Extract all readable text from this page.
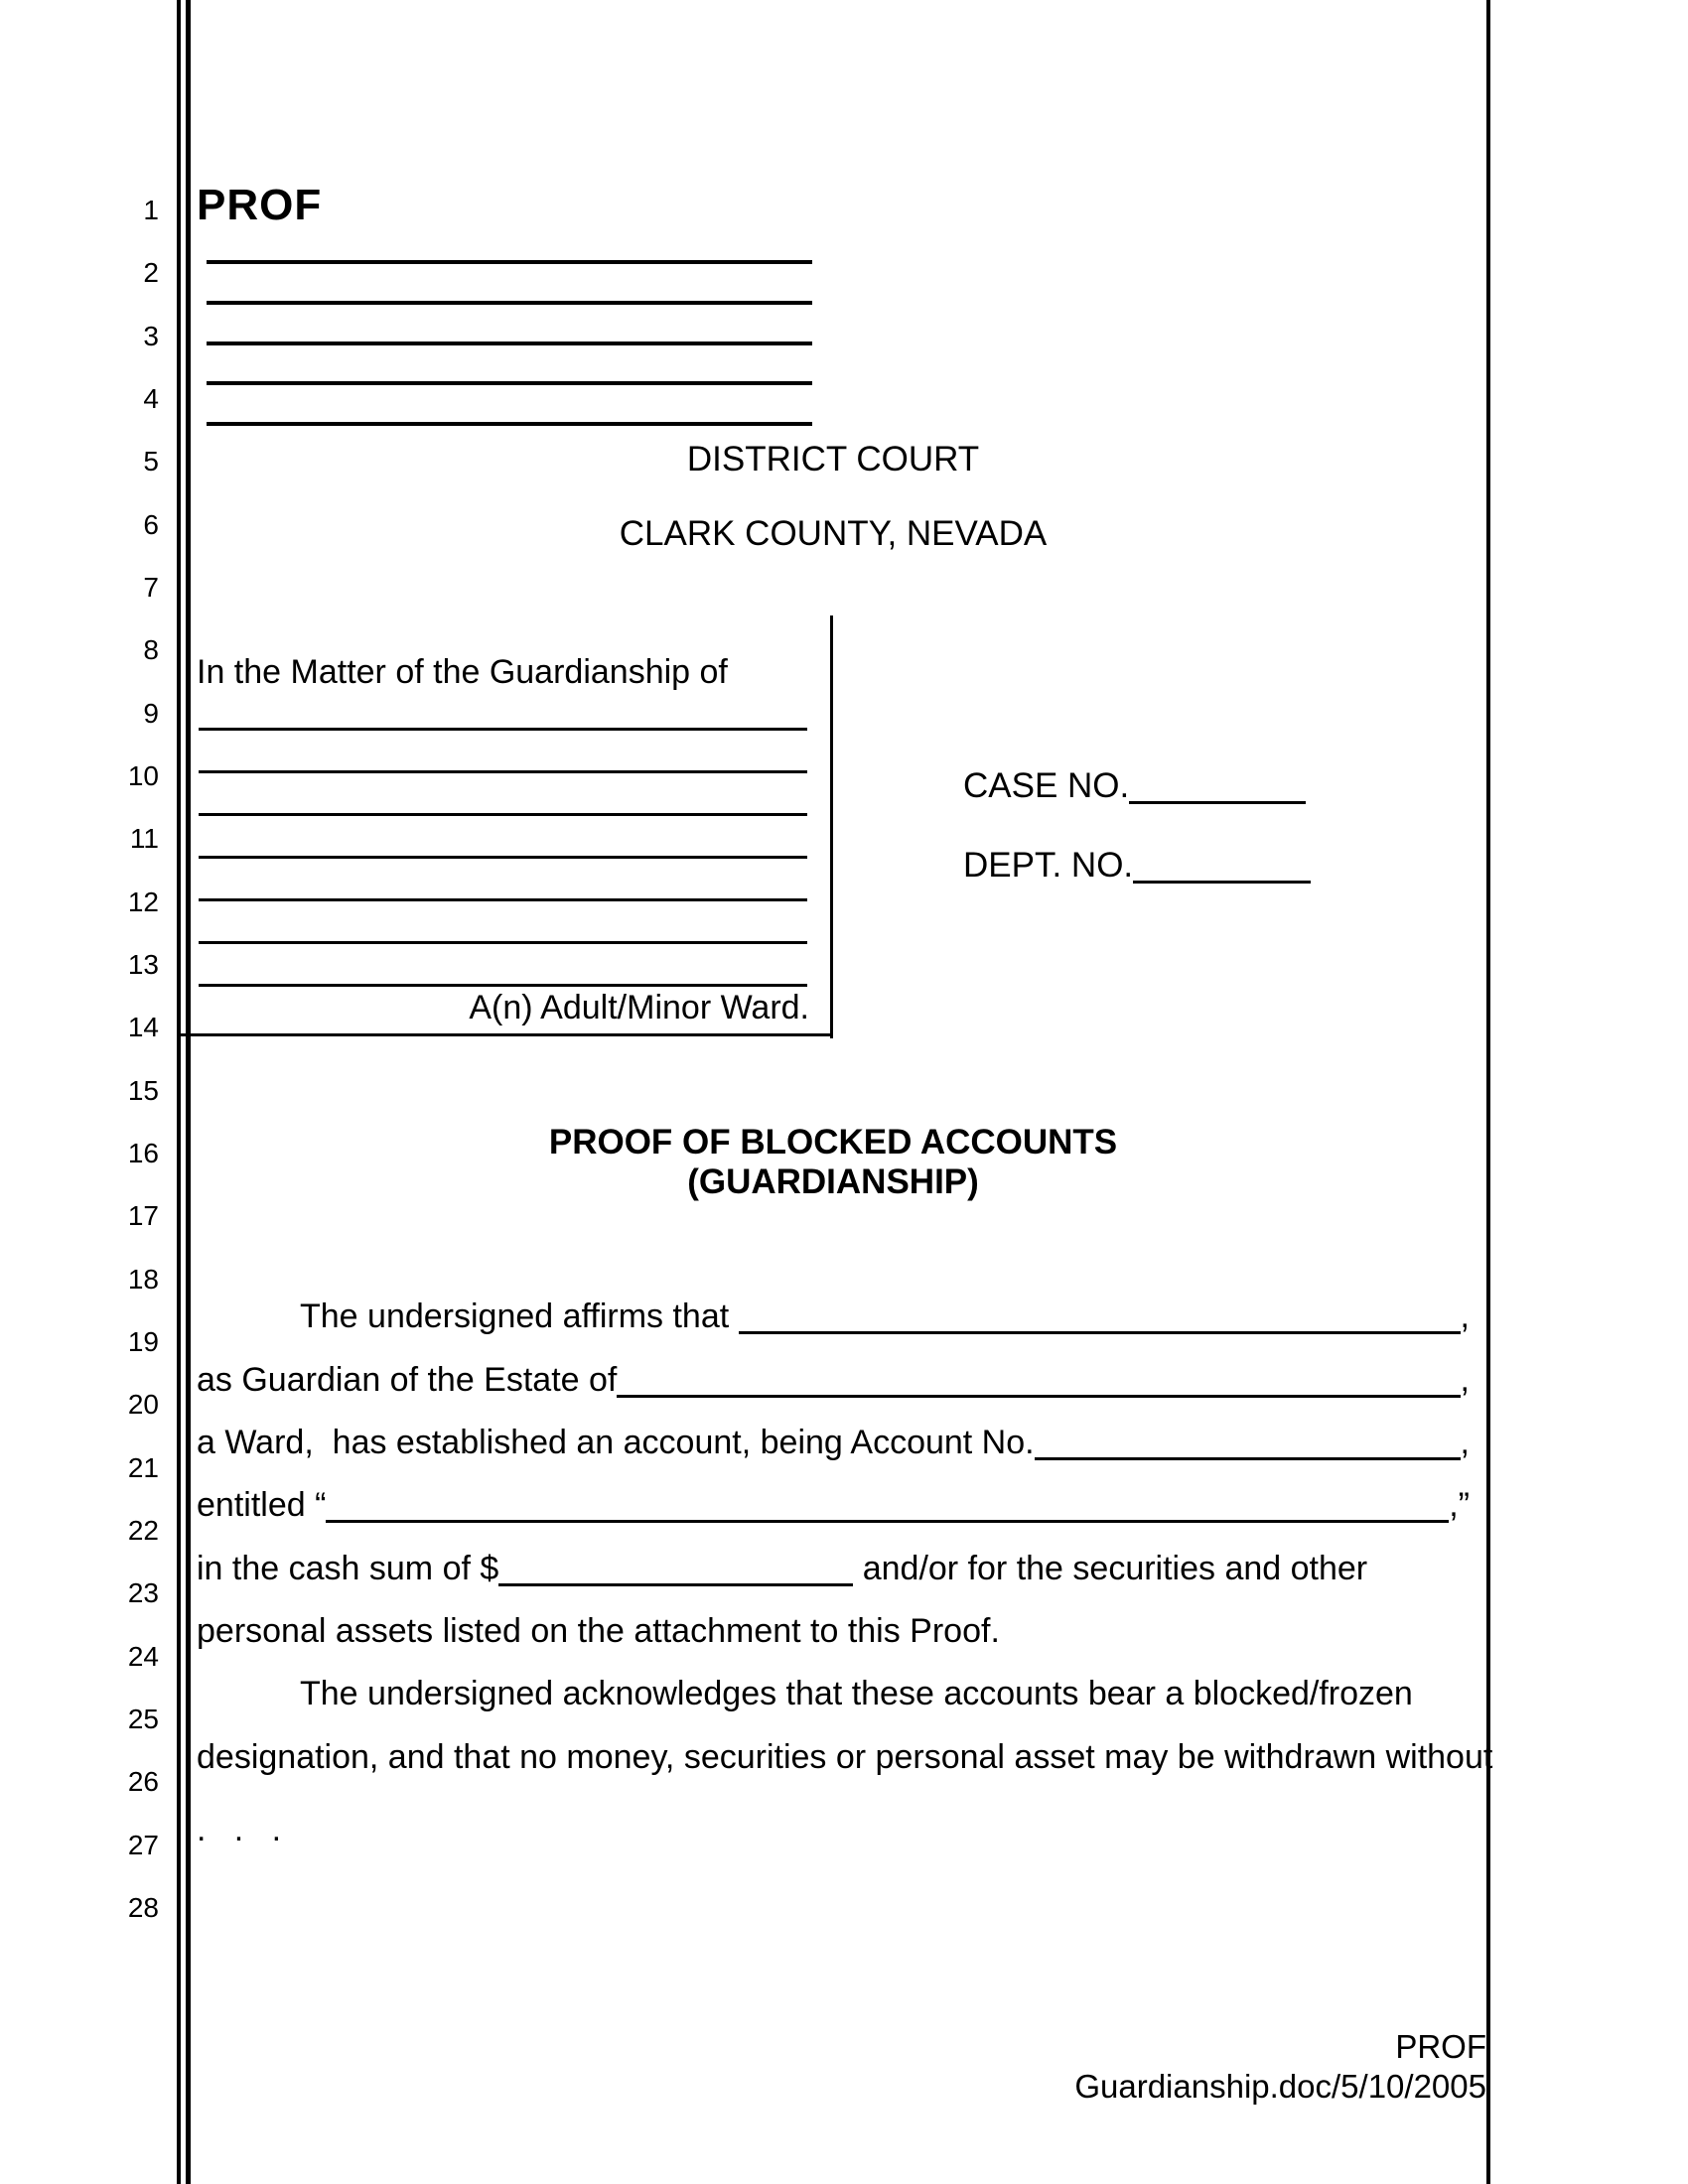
1
2
3
4
5
6
7
8
9
10
11
12
13
14
15
16
17
18
19
20
21
22
23
24
25
26
27
28
PROF
DISTRICT COURT
CLARK COUNTY, NEVADA
In the Matter of the Guardianship of
A(n) Adult/Minor Ward.
CASE NO.
DEPT. NO.
PROOF OF BLOCKED ACCOUNTS
(GUARDIANSHIP)
The undersigned affirms that	,
as Guardian of the Estate of	,
a Ward,  has established an account, being Account No.	,
entitled “	,”
in the cash sum of $	and/or for the securities and other
personal assets listed on the attachment to this Proof.
The undersigned acknowledges that these accounts bear a blocked/frozen
designation, and that no money, securities or personal asset may be withdrawn without
.   .   .
PROF Guardianship.doc/5/10/2005
